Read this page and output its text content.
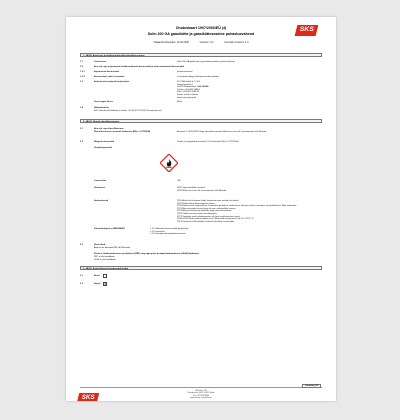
Ohutuskaart 1907/2006/EÜ (4)
Solin 200 GA gaasikütte ja gaasikütteseadme puhastusvahend
Väljaandmiskuupäev: 20.02.2020	Versioon: 0.2	Asendab versiooni: 1.0
SKS
1. JAGU: Aine/segu ja äriühingu/ettevõtja identifitseerimine
1.1	Tootetunnus	Solin 200 GA gaasikütte ja gaasikütteseadme puhastusvahend
1.2	Aine või segu asjaomased kindlaksmääratud kasutusalad ja mittesoovitatavad kasutusalad
1.2.1	Asjaomased kasutusalad	puhastusvahend
1.2.2	Kasutusalad, mida ei soovitata	ei kasutata toiduga kokkupuutuvatel pindadel
1.3	Andmed ohutuskaardi tarnija kohta	SCOTIA GmbH & Co KG
Industriestraße 4
D-35216 Biedenkopf, SAKSAMAA
Telefon +49 6461 9388-0
Faks +49 6461 9388-30
E-post: info@scotia.de
www.scotia-group.de
Teavet jagav üksus	Müük
1.4	Hädaabitelefon
EGT-Gesellschaft/Giftnotruf, telefon: +49 (0) 421 19240 (24 tundi päevas)
2. JAGU: Ohtude identifitseerimine
2.1	Aine või segu klassifikatsioon
Klassifitseerimine vastavalt määrusele (EÜ) nr 1272/2008	Aerosool 1: H222-H229 Väga tuleohtlik aerosool. Mahuti on surve all: kuumutamisel võib lõhkeda.
2.2	Märgistuselemendid	Toode on märgistatud vastavalt CLP-määrusele (EÜ) nr 1272/2008
Ohupiktogrammid
Tunnussõna	OHT
Ohulaused	H222 Väga tuleohtlik aerosool.
H229 Mahuti on surve all: kuumutamisel võib lõhkeda.
Hoiatuslaused	P101 Arstilt nõu küsimisel hoida käepärast toote mahutit või etiketti.
P102 Hoida lastele kättesaamatus kohas.
P210 Hoida eemal soojusallikast, kuumadest pindadest, sädemetest, lahtisest tulest ja muudest süttimisallikatest. Mitte suitsetada.
P211 Mitte pihustada lahtise leegi või muu süttimisallika suunas.
P251 Mitte punnitada ega põletada isegi pärast kasutamist.
P261 Vältida auru/aerosooli sissehingamist.
P271 Kasutada ainult välitingimustes või hästi ventileeritavas ruumis.
P410+P412 Hoida päikesevalguse eest. Mitte hoida temperatuuril üle 50 °C/122 °F.
P501 Sisu/mahuti kõrvaldada vastavalt kohalikele eeskirjadele.
Pakendimärgistus 648/2004/EÜ	< 5% alifaatsed süsivesinikud (propellent)
< 5% nitritoonid
< 5% mitteioonsed pindaktiivsed ained
2.3	Muud ohud
Ainet ei ole hinnatud PBT-/vPvB-aineks.
Püsivus, bioakumuleeruvus ja toksilisus (PBT) ning väga püsiv ja väga bioakumuleeruv (vPvB) hindamine:
PBT: ei ole kohaldatav.
vPvB: ei ole kohaldatav.
3. JAGU: Koostis/teave koostisosade kohta
3.1	Ained
3.2	Segud	✕
Lehekülg 1/5
SKS
SKS Finn OÜ
Peterburi tee 90/5, 11415 Tallinn
Tel. +372 608 3300
www.sks.ee, info@sks.ee
